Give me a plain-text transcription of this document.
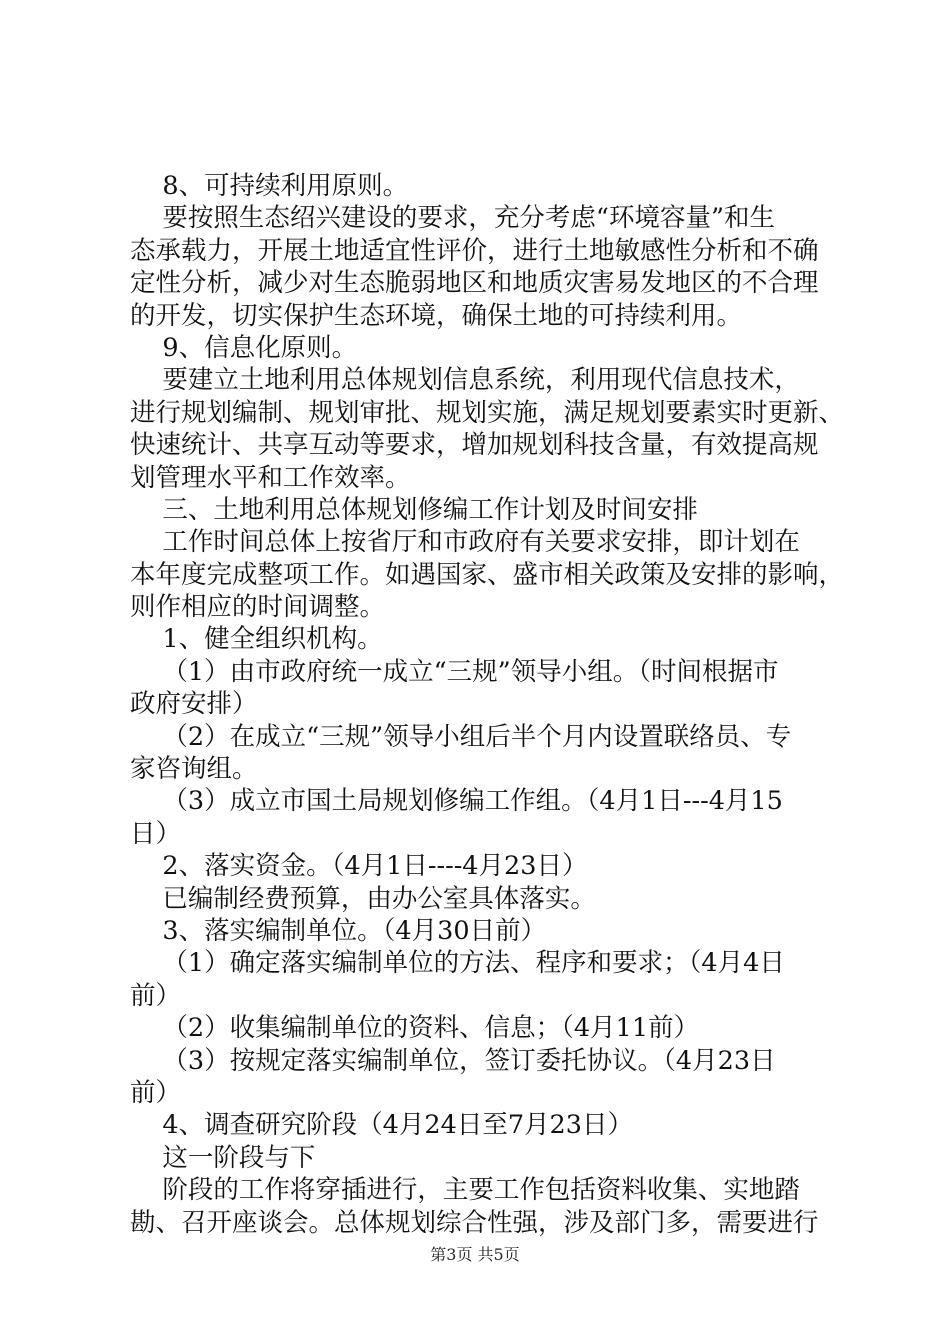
8、可持续利用原则。

要按照生态绍兴建设的要求，充分考虑“环境容量”和生

态承载力，开展土地适宜性评价，进行土地敏感性分析和不确

定性分析，减少对生态脆弱地区和地质灾害易发地区的不合理

的开发，切实保护生态环境，确保土地的可持续利用。

9、信息化原则。

要建立土地利用总体规划信息系统，利用现代信息技术，

进行规划编制、规划审批、规划实施，满足规划要素实时更新、

快速统计、共享互动等要求，增加规划科技含量，有效提高规

划管理水平和工作效率。

三、土地利用总体规划修编工作计划及时间安排

工作时间总体上按省厅和市政府有关要求安排，即计划在

本年度完成整项工作。如遇国家、盛市相关政策及安排的影响，

则作相应的时间调整。

1、健全组织机构。

（1）由市政府统一成立“三规”领导小组。（时间根据市

政府安排）

（2）在成立“三规”领导小组后半个月内设置联络员、专

家咨询组。

（3）成立市国土局规划修编工作组。（4月1日---4月15

日）

2、落实资金。（4月1日----4月23日）

已编制经费预算，由办公室具体落实。

3、落实编制单位。（4月30日前）

（1）确定落实编制单位的方法、程序和要求；（4月4日

前）

（2）收集编制单位的资料、信息；（4月11前）

（3）按规定落实编制单位，签订委托协议。（4月23日

前）

4、调查研究阶段（4月24日至7月23日）

这一阶段与下

阶段的工作将穿插进行，主要工作包括资料收集、实地踏

勘、召开座谈会。总体规划综合性强，涉及部门多，需要进行

第3页 共5页
